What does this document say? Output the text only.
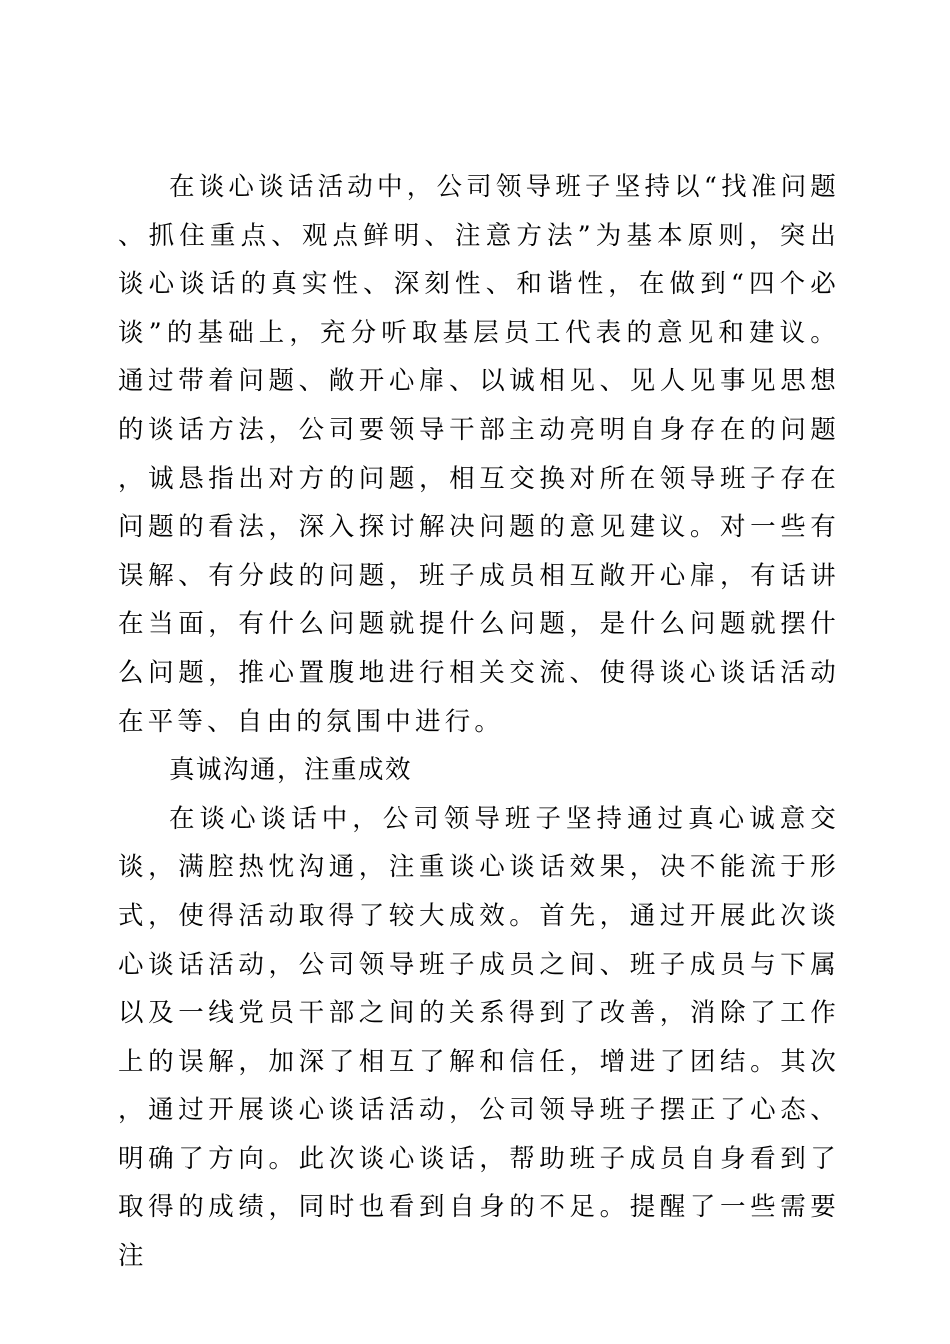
在谈心谈话活动中，公司领导班子坚持以“找准问题、抓住重点、观点鲜明、注意方法”为基本原则，突出谈心谈话的真实性、深刻性、和谐性，在做到“四个必谈”的基础上，充分听取基层员工代表的意见和建议。通过带着问题、敞开心扉、以诚相见、见人见事见思想的谈话方法，公司要领导干部主动亮明自身存在的问题，诚恳指出对方的问题，相互交换对所在领导班子存在问题的看法，深入探讨解决问题的意见建议。对一些有误解、有分歧的问题，班子成员相互敞开心扉，有话讲在当面，有什么问题就提什么问题，是什么问题就摆什么问题，推心置腹地进行相关交流、使得谈心谈话活动在平等、自由的氛围中进行。

真诚沟通，注重成效

在谈心谈话中，公司领导班子坚持通过真心诚意交谈，满腔热忱沟通，注重谈心谈话效果，决不能流于形式，使得活动取得了较大成效。首先，通过开展此次谈心谈话活动，公司领导班子成员之间、班子成员与下属以及一线党员干部之间的关系得到了改善，消除了工作上的误解，加深了相互了解和信任，增进了团结。其次，通过开展谈心谈话活动，公司领导班子摆正了心态、明确了方向。此次谈心谈话，帮助班子成员自身看到了取得的成绩，同时也看到自身的不足。提醒了一些需要注
